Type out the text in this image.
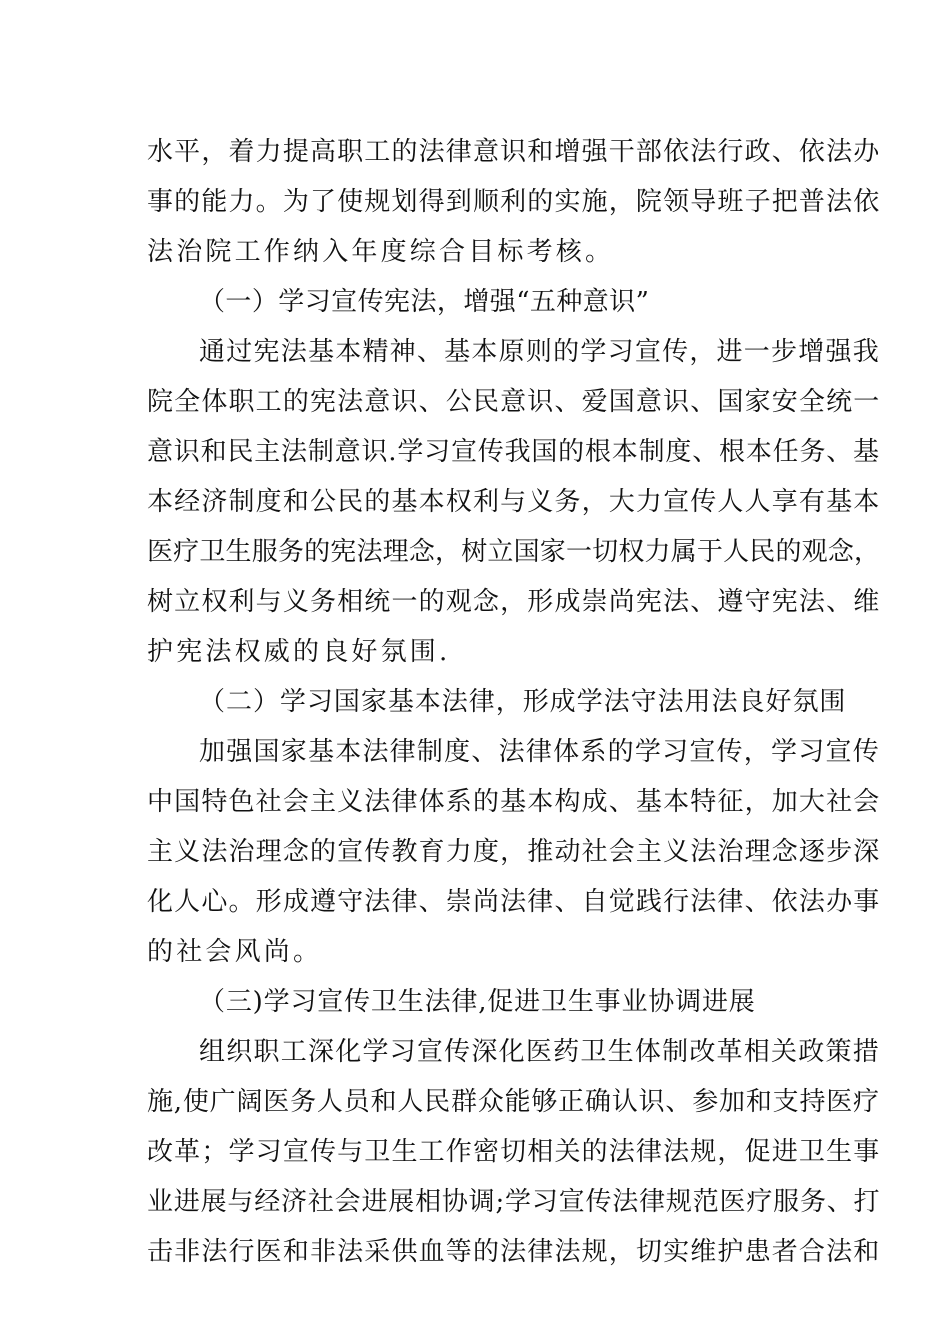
水平，着力提高职工的法律意识和增强干部依法行政、依法办
事的能力。为了使规划得到顺利的实施，院领导班子把普法依
法治院工作纳入年度综合目标考核。
（一）学习宣传宪法，增强“五种意识”
通过宪法基本精神、基本原则的学习宣传，进一步增强我
院全体职工的宪法意识、公民意识、爱国意识、国家安全统一
意识和民主法制意识.学习宣传我国的根本制度、根本任务、基
本经济制度和公民的基本权利与义务，大力宣传人人享有基本
医疗卫生服务的宪法理念，树立国家一切权力属于人民的观念，
树立权利与义务相统一的观念，形成崇尚宪法、遵守宪法、维
护宪法权威的良好氛围.
（二）学习国家基本法律，形成学法守法用法良好氛围
加强国家基本法律制度、法律体系的学习宣传，学习宣传
中国特色社会主义法律体系的基本构成、基本特征，加大社会
主义法治理念的宣传教育力度，推动社会主义法治理念逐步深
化人心。形成遵守法律、崇尚法律、自觉践行法律、依法办事
的社会风尚。
（三)学习宣传卫生法律,促进卫生事业协调进展
组织职工深化学习宣传深化医药卫生体制改革相关政策措
施,使广阔医务人员和人民群众能够正确认识、参加和支持医疗
改革；学习宣传与卫生工作密切相关的法律法规，促进卫生事
业进展与经济社会进展相协调;学习宣传法律规范医疗服务、打
击非法行医和非法采供血等的法律法规，切实维护患者合法和
